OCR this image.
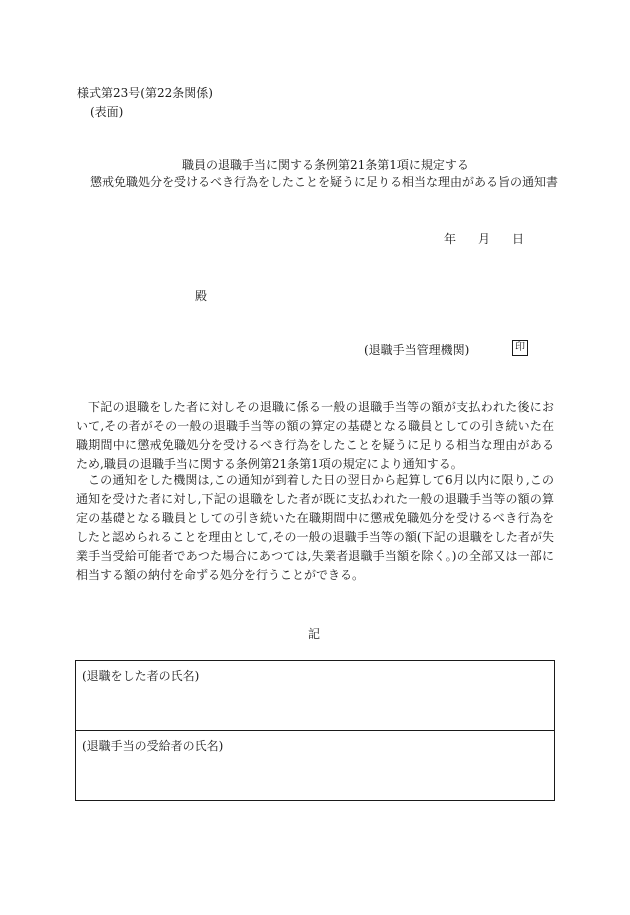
様式第23号(第22条関係)
(表面)
職員の退職手当に関する条例第21条第1項に規定する
懲戒免職処分を受けるべき行為をしたことを疑うに足りる相当な理由がある旨の通知書
年 月 日
殿
(退職手当管理機関)	印
下記の退職をした者に対しその退職に係る一般の退職手当等の額が支払われた後において,その者がその一般の退職手当等の額の算定の基礎となる職員としての引き続いた在職期間中に懲戒免職処分を受けるべき行為をしたことを疑うに足りる相当な理由があるため,職員の退職手当に関する条例第21条第1項の規定により通知する。
この通知をした機関は,この通知が到着した日の翌日から起算して6月以内に限り,この通知を受けた者に対し,下記の退職をした者が既に支払われた一般の退職手当等の額の算定の基礎となる職員としての引き続いた在職期間中に懲戒免職処分を受けるべき行為をしたと認められることを理由として,その一般の退職手当等の額(下記の退職をした者が失業手当受給可能者であつた場合にあつては,失業者退職手当額を除く。)の全部又は一部に相当する額の納付を命ずる処分を行うことができる。
記
(退職をした者の氏名)
(退職手当の受給者の氏名)
